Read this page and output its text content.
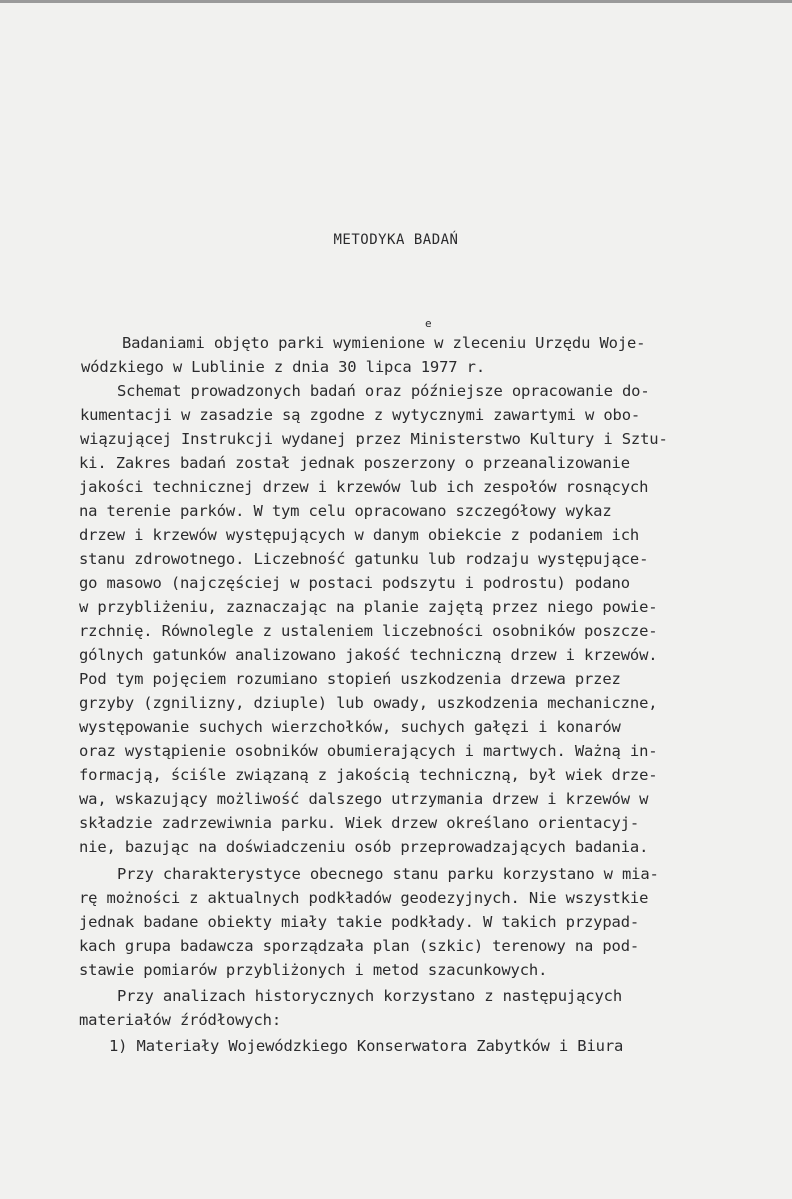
METODYKA BADAŃ
e
Badaniami objęto parki wymienione w zleceniu Urzędu Woje-
wódzkiego w Lublinie z dnia 30 lipca 1977 r.
Schemat prowadzonych badań oraz późniejsze opracowanie do-
kumentacji w zasadzie są zgodne z wytycznymi zawartymi w obo-
wiązującej Instrukcji wydanej przez Ministerstwo Kultury i Sztu-
ki. Zakres badań został jednak poszerzony o przeanalizowanie
jakości technicznej drzew i krzewów lub ich zespołów rosnących
na terenie parków. W tym celu opracowano szczegółowy wykaz
drzew i krzewów występujących w danym obiekcie z podaniem ich
stanu zdrowotnego. Liczebność gatunku lub rodzaju występujące-
go masowo (najczęściej w postaci podszytu i podrostu) podano
w przybliżeniu, zaznaczając na planie zajętą przez niego powie-
rzchnię. Równolegle z ustaleniem liczebności osobników poszcze-
gólnych gatunków analizowano jakość techniczną drzew i krzewów.
Pod tym pojęciem rozumiano stopień uszkodzenia drzewa przez
grzyby (zgnilizny, dziuple) lub owady, uszkodzenia mechaniczne,
występowanie suchych wierzchołków, suchych gałęzi i konarów
oraz wystąpienie osobników obumierających i martwych. Ważną in-
formacją, ściśle związaną z jakością techniczną, był wiek drze-
wa, wskazujący możliwość dalszego utrzymania drzew i krzewów w
składzie zadrzewiwnia parku. Wiek drzew określano orientacyj-
nie, bazując na doświadczeniu osób przeprowadzających badania.
Przy charakterystyce obecnego stanu parku korzystano w mia-
rę możności z aktualnych podkładów geodezyjnych. Nie wszystkie
jednak badane obiekty miały takie podkłady. W takich przypad-
kach grupa badawcza sporządzała plan (szkic) terenowy na pod-
stawie pomiarów przybliżonych i metod szacunkowych.
Przy analizach historycznych korzystano z następujących
materiałów źródłowych:
1) Materiały Wojewódzkiego Konserwatora Zabytków i Biura
